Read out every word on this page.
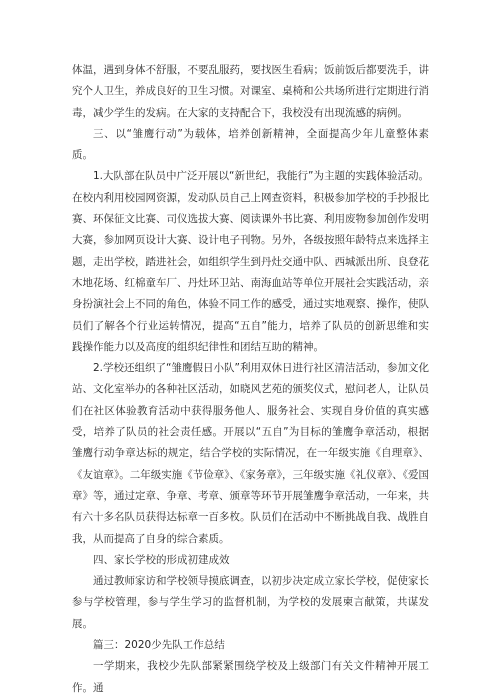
体温，遇到身体不舒服，不要乱服药，要找医生看病；饭前饭后都要洗手，讲究个人卫生，养成良好的卫生习惯。对课室、桌椅和公共场所进行定期进行消毒，减少学生的发病。在大家的支持配合下，我校没有出现流感的病例。

三、以“雏鹰行动”为载体，培养创新精神，全面提高少年儿童整体素质。

1.大队部在队员中广泛开展以“新世纪，我能行”为主题的实践体验活动。在校内利用校园网资源，发动队员自己上网查资料，积极参加学校的手抄报比赛、环保征文比赛、司仪选拔大赛、阅读课外书比赛、利用废物参加创作发明大赛，参加网页设计大赛、设计电子刊物。另外，各级按照年龄特点来选择主题，走出学校，踏进社会，如组织学生到丹灶交通中队、西城派出所、良登花木地花场、红棉童车厂、丹灶环卫站、南海血站等单位开展社会实践活动，亲身扮演社会上不同的角色，体验不同工作的感受，通过实地观察、操作，使队员们了解各个行业运转情况，提高“五自”能力，培养了队员的创新思维和实践操作能力以及高度的组织纪律性和团结互助的精神。

2.学校还组织了“雏鹰假日小队”利用双休日进行社区清洁活动，参加文化站、文化室举办的各种社区活动，如晓风艺苑的颁奖仪式，慰问老人，让队员们在社区体验教育活动中获得服务他人、服务社会、实现自身价值的真实感受，培养了队员的社会责任感。开展以“五自”为目标的雏鹰争章活动，根据雏鹰行动争章达标的规定，结合学校的实际情况，在一年级实施《自理章》、《友谊章》。二年级实施《节俭章》、《家务章》，三年级实施《礼仪章》、《爱国章》等，通过定章、争章、考章、颁章等环节开展雏鹰争章活动，一年来，共有六十多名队员获得达标章一百多枚。队员们在活动中不断挑战自我、战胜自我，从而提高了自身的综合素质。

四、家长学校的形成初建成效

通过教师家访和学校领导摸底调查，以初步决定成立家长学校，促使家长参与学校管理，参与学生学习的监督机制，为学校的发展柬言献策，共谋发展。

篇三：2020少先队工作总结

一学期来，我校少先队部紧紧围绕学校及上级部门有关文件精神开展工作。通
